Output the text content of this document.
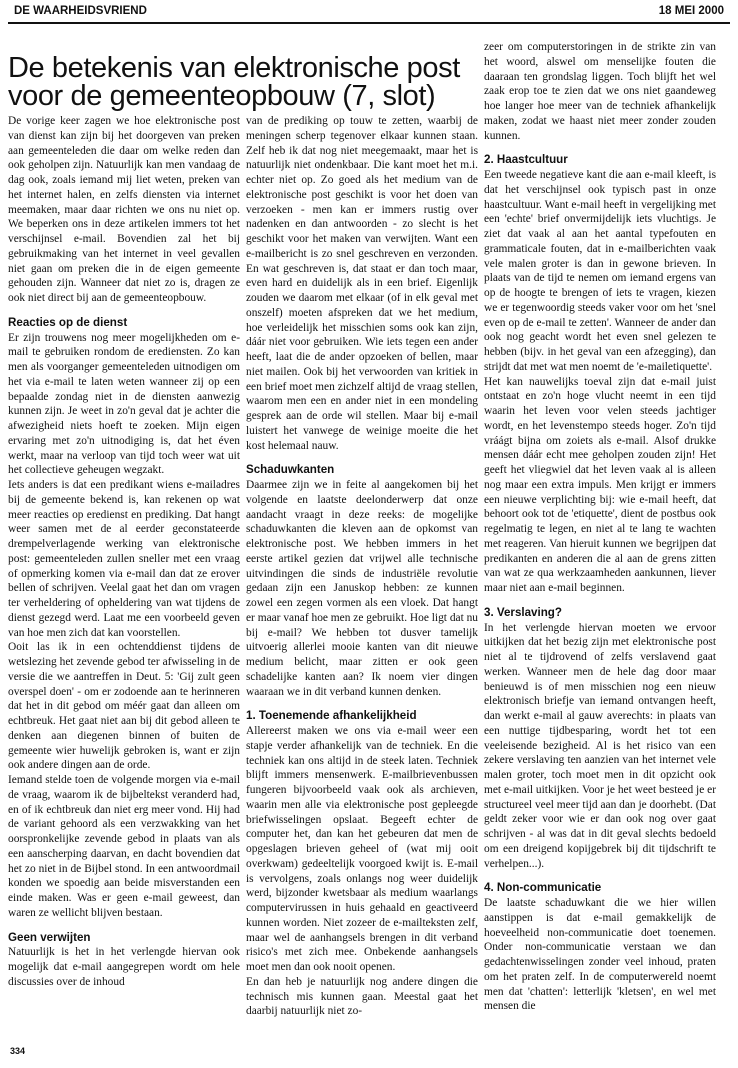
DE WAARHEIDSVRIEND	18 MEI 2000
De betekenis van elektronische post voor de gemeenteopbouw (7, slot)

De vorige keer zagen we hoe elektronische post van dienst kan zijn bij het doorgeven van preken aan gemeenteleden die daar om welke reden dan ook geholpen zijn. Natuurlijk kan men vandaag de dag ook, zoals iemand mij liet weten, preken van het internet halen, en zelfs diensten via internet meemaken, maar daar richten we ons nu niet op. We beperken ons in deze artikelen immers tot het verschijnsel e-mail. Bovendien zal het bij gebruikmaking van het internet in veel gevallen niet gaan om preken die in de eigen gemeente gehouden zijn. Wanneer dat niet zo is, dragen ze ook niet direct bij aan de gemeenteopbouw.

Reacties op de dienst

Er zijn trouwens nog meer mogelijkheden om e-mail te gebruiken rondom de erediensten. Zo kan men als voorganger gemeenteleden uitnodigen om het via e-mail te laten weten wanneer zij op een bepaalde zondag niet in de diensten aanwezig kunnen zijn. Je weet in zo'n geval dat je achter die afwezigheid niets hoeft te zoeken. Mijn eigen ervaring met zo'n uitnodiging is, dat het éven werkt, maar na verloop van tijd toch weer wat uit het collectieve geheugen wegzakt.

Iets anders is dat een predikant wiens e-mailadres bij de gemeente bekend is, kan rekenen op wat meer reacties op eredienst en prediking. Dat hangt weer samen met de al eerder geconstateerde drempelverlagende werking van elektronische post: gemeenteleden zullen sneller met een vraag of opmerking komen via e-mail dan dat ze erover bellen of schrijven. Veelal gaat het dan om vragen ter verheldering of opheldering van wat tijdens de dienst gezegd werd. Laat me een voorbeeld geven van hoe men zich dat kan voorstellen.

Ooit las ik in een ochtenddienst tijdens de wetslezing het zevende gebod ter afwisseling in de versie die we aantreffen in Deut. 5: 'Gij zult geen overspel doen' - om er zodoende aan te herinneren dat het in dit gebod om méér gaat dan alleen om echtbreuk. Het gaat niet aan bij dit gebod alleen te denken aan diegenen binnen of buiten de gemeente wier huwelijk gebroken is, want er zijn ook andere dingen aan de orde.

Iemand stelde toen de volgende morgen via e-mail de vraag, waarom ik de bijbeltekst veranderd had, en of ik echtbreuk dan niet erg meer vond. Hij had de variant gehoord als een verzwakking van het oorspronkelijke zevende gebod in plaats van als een aanscherping daarvan, en dacht bovendien dat het zo niet in de Bijbel stond. In een antwoordmail konden we spoedig aan beide misverstanden een einde maken. Was er geen e-mail geweest, dan waren ze wellicht blijven bestaan.

Geen verwijten

Natuurlijk is het in het verlengde hiervan ook mogelijk dat e-mail aangegrepen wordt om hele discussies over de inhoud

van de prediking op touw te zetten, waarbij de meningen scherp tegenover elkaar kunnen staan. Zelf heb ik dat nog niet meegemaakt, maar het is natuurlijk niet ondenkbaar. Die kant moet het m.i. echter niet op. Zo goed als het medium van de elektronische post geschikt is voor het doen van verzoeken - men kan er immers rustig over nadenken en dan antwoorden - zo slecht is het geschikt voor het maken van verwijten. Want een e-mailbericht is zo snel geschreven en verzonden. En wat geschreven is, dat staat er dan toch maar, even hard en duidelijk als in een brief. Eigenlijk zouden we daarom met elkaar (of in elk geval met onszelf) moeten afspreken dat we het medium, hoe verleidelijk het misschien soms ook kan zijn, dáár niet voor gebruiken. Wie iets tegen een ander heeft, laat die de ander opzoeken of bellen, maar niet mailen. Ook bij het verwoorden van kritiek in een brief moet men zichzelf altijd de vraag stellen, waarom men een en ander niet in een mondeling gesprek aan de orde wil stellen. Maar bij e-mail luistert het vanwege de weinige moeite die het kost helemaal nauw.

Schaduwkanten

Daarmee zijn we in feite al aangekomen bij het volgende en laatste deelonderwerp dat onze aandacht vraagt in deze reeks: de mogelijke schaduwkanten die kleven aan de opkomst van elektronische post. We hebben immers in het eerste artikel gezien dat vrijwel alle technische uitvindingen die sinds de industriële revolutie gedaan zijn een Januskop hebben: ze kunnen zowel een zegen vormen als een vloek. Dat hangt er maar vanaf hoe men ze gebruikt. Hoe ligt dat nu bij e-mail? We hebben tot dusver tamelijk uitvoerig allerlei mooie kanten van dit nieuwe medium belicht, maar zitten er ook geen schadelijke kanten aan? Ik noem vier dingen waaraan we in dit verband kunnen denken.

1. Toenemende afhankelijkheid

Allereerst maken we ons via e-mail weer een stapje verder afhankelijk van de techniek. En die techniek kan ons altijd in de steek laten. Techniek blijft immers mensenwerk. E-mailbrievenbussen fungeren bijvoorbeeld vaak ook als archieven, waarin men alle via elektronische post gepleegde briefwisselingen opslaat. Begeeft echter de computer het, dan kan het gebeuren dat men de opgeslagen brieven geheel of (wat mij ooit overkwam) gedeeltelijk voorgoed kwijt is. E-mail is vervolgens, zoals onlangs nog weer duidelijk werd, bijzonder kwetsbaar als medium waarlangs computervirussen in huis gehaald en geactiveerd kunnen worden. Niet zozeer de e-mailteksten zelf, maar wel de aanhangsels brengen in dit verband risico's met zich mee. Onbekende aanhangsels moet men dan ook nooit openen.

En dan heb je natuurlijk nog andere dingen die technisch mis kunnen gaan. Meestal gaat het daarbij natuurlijk niet zo-

zeer om computerstoringen in de strikte zin van het woord, alswel om menselijke fouten die daaraan ten grondslag liggen. Toch blijft het wel zaak erop toe te zien dat we ons niet gaandeweg hoe langer hoe meer van de techniek afhankelijk maken, zodat we haast niet meer zonder zouden kunnen.

2. Haastcultuur

Een tweede negatieve kant die aan e-mail kleeft, is dat het verschijnsel ook typisch past in onze haastcultuur. Want e-mail heeft in vergelijking met een 'echte' brief onvermijdelijk iets vluchtigs. Je ziet dat vaak al aan het aantal typefouten en grammaticale fouten, dat in e-mailberichten vaak vele malen groter is dan in gewone brieven. In plaats van de tijd te nemen om iemand ergens van op de hoogte te brengen of iets te vragen, kiezen we er tegenwoordig steeds vaker voor om het 'snel even op de e-mail te zetten'. Wanneer de ander dan ook nog geacht wordt het even snel gelezen te hebben (bijv. in het geval van een afzegging), dan strijdt dat met wat men noemt de 'e-mailetiquette'.

Het kan nauwelijks toeval zijn dat e-mail juist ontstaat en zo'n hoge vlucht neemt in een tijd waarin het leven voor velen steeds jachtiger wordt, en het levenstempo steeds hoger. Zo'n tijd vráágt bijna om zoiets als e-mail. Alsof drukke mensen dáár echt mee geholpen zouden zijn! Het geeft het vliegwiel dat het leven vaak al is alleen nog maar een extra impuls. Men krijgt er immers een nieuwe verplichting bij: wie e-mail heeft, dat behoort ook tot de 'etiquette', dient de postbus ook regelmatig te legen, en niet al te lang te wachten met reageren. Van hieruit kunnen we begrijpen dat predikanten en anderen die al aan de grens zitten van wat ze qua werkzaamheden aankunnen, liever maar niet aan e-mail beginnen.

3. Verslaving?

In het verlengde hiervan moeten we ervoor uitkijken dat het bezig zijn met elektronische post niet al te tijdrovend of zelfs verslavend gaat werken. Wanneer men de hele dag door maar benieuwd is of men misschien nog een nieuw elektronisch briefje van iemand ontvangen heeft, dan werkt e-mail al gauw averechts: in plaats van een nuttige tijdbesparing, wordt het tot een veeleisende bezigheid. Al is het risico van een zekere verslaving ten aanzien van het internet vele malen groter, toch moet men in dit opzicht ook met e-mail uitkijken. Voor je het weet besteed je er structureel veel meer tijd aan dan je doorhebt. (Dat geldt zeker voor wie er dan ook nog over gaat schrijven - al was dat in dit geval slechts bedoeld om een dreigend kopijgebrek bij dit tijdschrift te verhelpen...).

4. Non-communicatie

De laatste schaduwkant die we hier willen aanstippen is dat e-mail gemakkelijk de hoeveelheid non-communicatie doet toenemen. Onder non-communicatie verstaan we dan gedachtenwisselingen zonder veel inhoud, praten om het praten zelf. In de computerwereld noemt men dat 'chatten': letterlijk 'kletsen', en wel met mensen die

334
